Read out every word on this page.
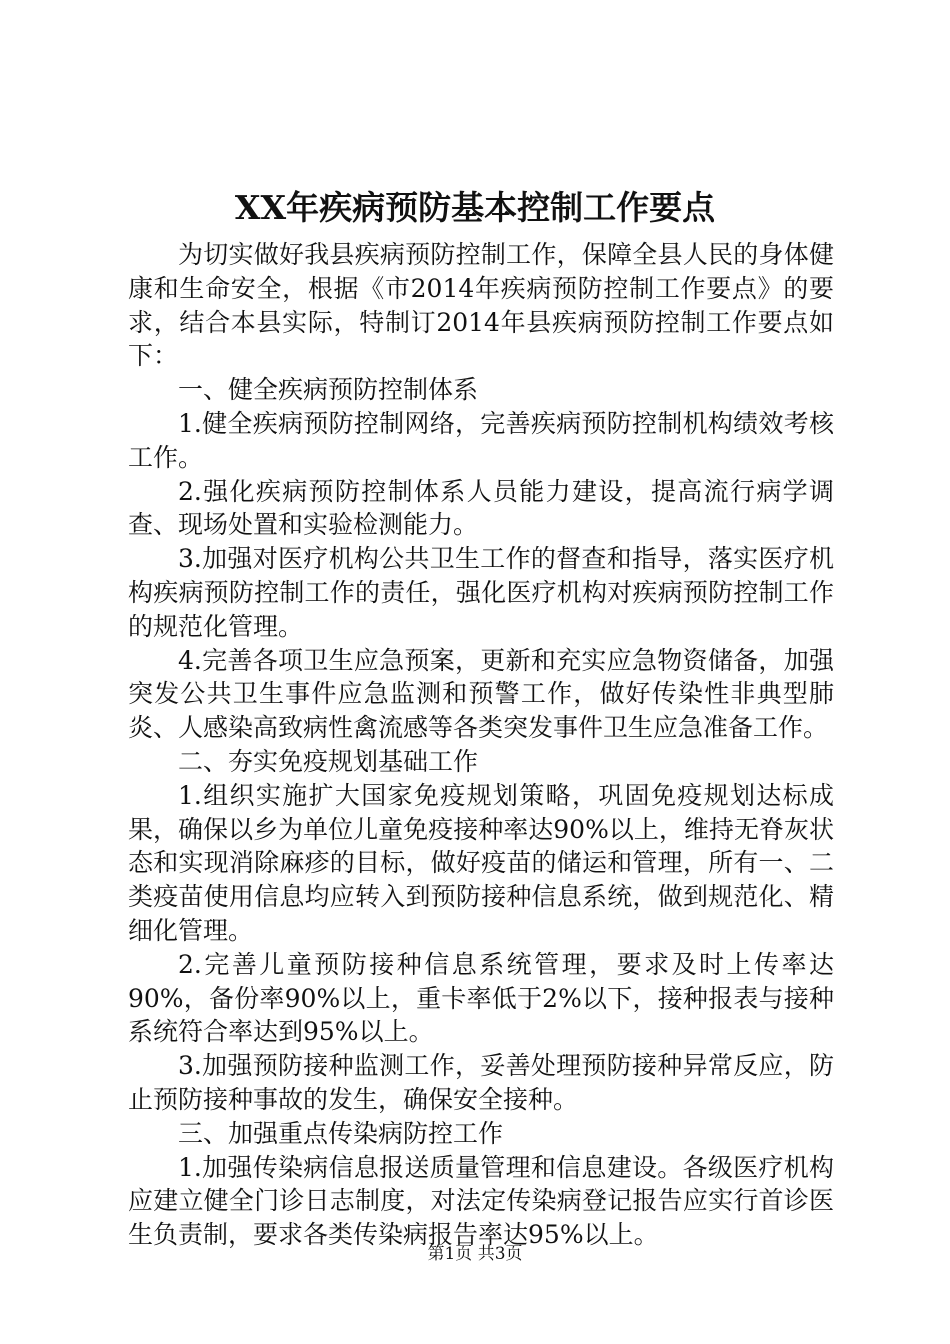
XX年疾病预防基本控制工作要点

为切实做好我县疾病预防控制工作，保障全县人民的身体健康和生命安全，根据《市2014年疾病预防控制工作要点》的要求，结合本县实际，特制订2014年县疾病预防控制工作要点如下：

一、健全疾病预防控制体系

1.健全疾病预防控制网络，完善疾病预防控制机构绩效考核工作。

2.强化疾病预防控制体系人员能力建设，提高流行病学调查、现场处置和实验检测能力。

3.加强对医疗机构公共卫生工作的督查和指导，落实医疗机构疾病预防控制工作的责任，强化医疗机构对疾病预防控制工作的规范化管理。

4.完善各项卫生应急预案，更新和充实应急物资储备，加强突发公共卫生事件应急监测和预警工作，做好传染性非典型肺炎、人感染高致病性禽流感等各类突发事件卫生应急准备工作。

二、夯实免疫规划基础工作

1.组织实施扩大国家免疫规划策略，巩固免疫规划达标成果，确保以乡为单位儿童免疫接种率达90%以上，维持无脊灰状态和实现消除麻疹的目标，做好疫苗的储运和管理，所有一、二类疫苗使用信息均应转入到预防接种信息系统，做到规范化、精细化管理。

2.完善儿童预防接种信息系统管理，要求及时上传率达90%，备份率90%以上，重卡率低于2%以下，接种报表与接种系统符合率达到95%以上。

3.加强预防接种监测工作，妥善处理预防接种异常反应，防止预防接种事故的发生，确保安全接种。

三、加强重点传染病防控工作

1.加强传染病信息报送质量管理和信息建设。各级医疗机构应建立健全门诊日志制度，对法定传染病登记报告应实行首诊医生负责制，要求各类传染病报告率达95%以上。

第1页 共3页
